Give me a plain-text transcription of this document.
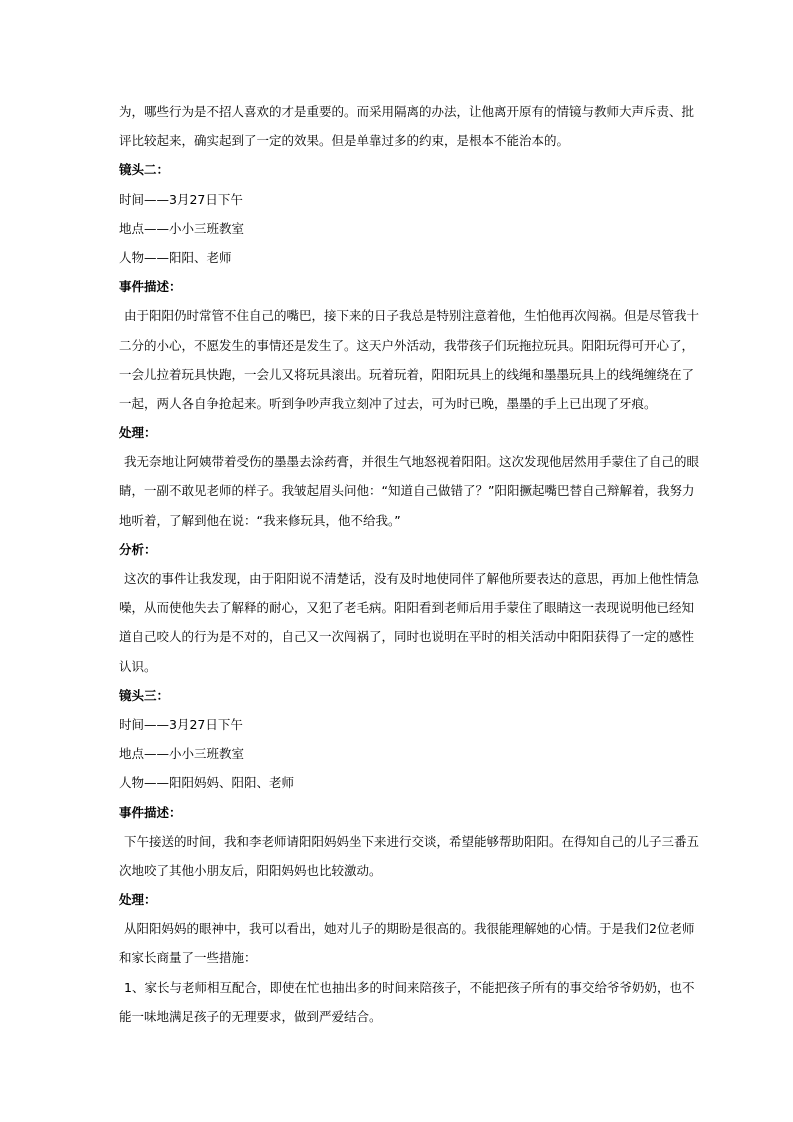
为，哪些行为是不招人喜欢的才是重要的。而采用隔离的办法，让他离开原有的情镜与教师大声斥责、批

评比较起来，确实起到了一定的效果。但是单靠过多的约束，是根本不能治本的。

镜头二：

时间——3月27日下午

地点——小小三班教室

人物——阳阳、老师

事件描述：

由于阳阳仍时常管不住自己的嘴巴，接下来的日子我总是特别注意着他，生怕他再次闯祸。但是尽管我十

二分的小心，不愿发生的事情还是发生了。这天户外活动，我带孩子们玩拖拉玩具。阳阳玩得可开心了，

一会儿拉着玩具快跑，一会儿又将玩具滚出。玩着玩着，阳阳玩具上的线绳和墨墨玩具上的线绳缠绕在了

一起，两人各自争抢起来。听到争吵声我立刻冲了过去，可为时已晚，墨墨的手上已出现了牙痕。

处理：

我无奈地让阿姨带着受伤的墨墨去涂药膏，并很生气地怒视着阳阳。这次发现他居然用手蒙住了自己的眼

睛，一副不敢见老师的样子。我皱起眉头问他：“知道自己做错了？”阳阳撅起嘴巴替自己辩解着，我努力

地听着，了解到他在说：“我来修玩具，他不给我。”

分析：

这次的事件让我发现，由于阳阳说不清楚话，没有及时地使同伴了解他所要表达的意思，再加上他性情急

噪，从而使他失去了解释的耐心，又犯了老毛病。阳阳看到老师后用手蒙住了眼睛这一表现说明他已经知

道自己咬人的行为是不对的，自己又一次闯祸了，同时也说明在平时的相关活动中阳阳获得了一定的感性

认识。

镜头三：

时间——3月27日下午

地点——小小三班教室

人物——阳阳妈妈、阳阳、老师

事件描述：

下午接送的时间，我和李老师请阳阳妈妈坐下来进行交谈，希望能够帮助阳阳。在得知自己的儿子三番五

次地咬了其他小朋友后，阳阳妈妈也比较激动。

处理：

从阳阳妈妈的眼神中，我可以看出，她对儿子的期盼是很高的。我很能理解她的心情。于是我们2位老师

和家长商量了一些措施：

1、家长与老师相互配合，即使在忙也抽出多的时间来陪孩子，不能把孩子所有的事交给爷爷奶奶，也不

能一味地满足孩子的无理要求，做到严爱结合。
